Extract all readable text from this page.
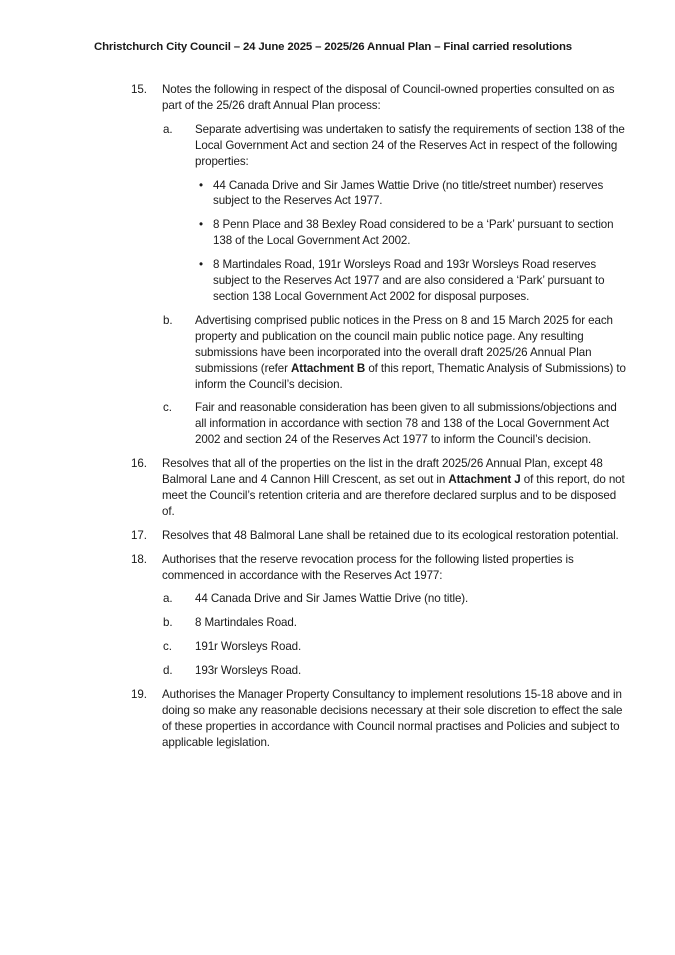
Christchurch City Council – 24 June 2025 – 2025/26 Annual Plan – Final carried resolutions
15. Notes the following in respect of the disposal of Council-owned properties consulted on as part of the 25/26 draft Annual Plan process:
a. Separate advertising was undertaken to satisfy the requirements of section 138 of the Local Government Act and section 24 of the Reserves Act in respect of the following properties:
• 44 Canada Drive and Sir James Wattie Drive (no title/street number) reserves subject to the Reserves Act 1977.
• 8 Penn Place and 38 Bexley Road considered to be a ‘Park’ pursuant to section 138 of the Local Government Act 2002.
• 8 Martindales Road, 191r Worsleys Road and 193r Worsleys Road reserves subject to the Reserves Act 1977 and are also considered a ‘Park’ pursuant to section 138 Local Government Act 2002 for disposal purposes.
b. Advertising comprised public notices in the Press on 8 and 15 March 2025 for each property and publication on the council main public notice page. Any resulting submissions have been incorporated into the overall draft 2025/26 Annual Plan submissions (refer Attachment B of this report, Thematic Analysis of Submissions) to inform the Council’s decision.
c. Fair and reasonable consideration has been given to all submissions/objections and all information in accordance with section 78 and 138 of the Local Government Act 2002 and section 24 of the Reserves Act 1977 to inform the Council’s decision.
16. Resolves that all of the properties on the list in the draft 2025/26 Annual Plan, except 48 Balmoral Lane and 4 Cannon Hill Crescent, as set out in Attachment J of this report, do not meet the Council’s retention criteria and are therefore declared surplus and to be disposed of.
17. Resolves that 48 Balmoral Lane shall be retained due to its ecological restoration potential.
18. Authorises that the reserve revocation process for the following listed properties is commenced in accordance with the Reserves Act 1977:
a. 44 Canada Drive and Sir James Wattie Drive (no title).
b. 8 Martindales Road.
c. 191r Worsleys Road.
d. 193r Worsleys Road.
19. Authorises the Manager Property Consultancy to implement resolutions 15-18 above and in doing so make any reasonable decisions necessary at their sole discretion to effect the sale of these properties in accordance with Council normal practises and Policies and subject to applicable legislation.
